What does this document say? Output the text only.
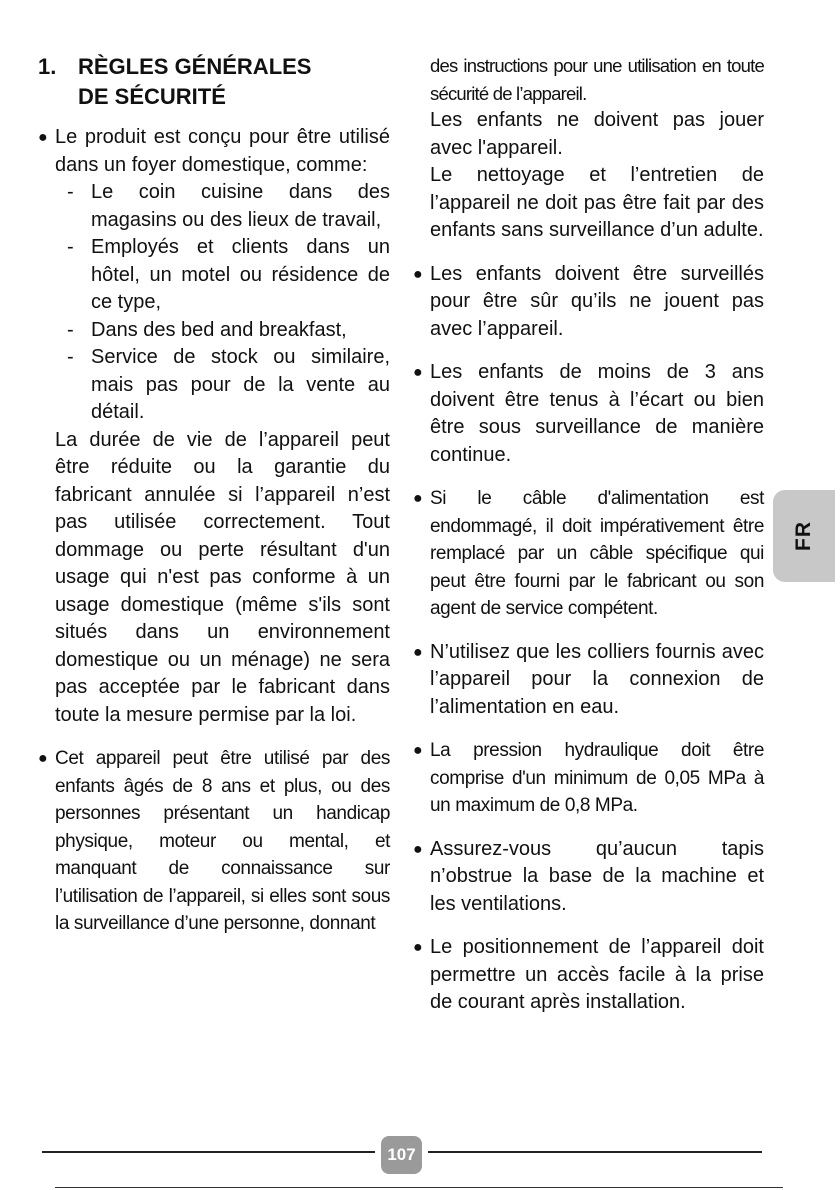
1. RÈGLES GÉNÉRALES
DE SÉCURITÉ
● Le produit est conçu pour être utilisé dans un foyer domestique, comme:
- Le coin cuisine dans des magasins ou des lieux de travail,
- Employés et clients dans un hôtel, un motel ou résidence de ce type,
- Dans des bed and breakfast,
- Service de stock ou similaire, mais pas pour de la vente au détail.
La durée de vie de l’appareil peut être réduite ou la garantie du fabricant annulée si l’appareil n’est pas utilisée correctement. Tout dommage ou perte résultant d'un usage qui n'est pas conforme à un usage domestique (même s'ils sont situés dans un environnement domestique ou un ménage) ne sera pas acceptée par le fabricant dans toute la mesure permise par la loi.
● Cet appareil peut être utilisé par des enfants âgés de 8 ans et plus, ou des personnes présentant un handicap physique, moteur ou mental, et manquant de connaissance sur l’utilisation de l’appareil, si elles sont sous la surveillance d’une personne, donnant
des instructions pour une utilisation en toute sécurité de l’appareil.
Les enfants ne doivent pas jouer avec l'appareil.
Le nettoyage et l’entretien de l’appareil ne doit pas être fait par des enfants sans surveillance d’un adulte.
● Les enfants doivent être surveillés pour être sûr qu’ils ne jouent pas avec l’appareil.
● Les enfants de moins de 3 ans doivent être tenus à l’écart ou bien être sous surveillance de manière continue.
● Si le câble d'alimentation est endommagé, il doit impérativement être remplacé par un câble spécifique qui peut être fourni par le fabricant ou son agent de service compétent.
● N’utilisez que les colliers fournis avec l’appareil pour la connexion de l’alimentation en eau.
● La pression hydraulique doit être comprise d'un minimum de 0,05 MPa à un maximum de 0,8 MPa.
● Assurez-vous qu’aucun tapis n’obstrue la base de la machine et les ventilations.
● Le positionnement de l’appareil doit permettre un accès facile à la prise de courant après installation.
FR
107
